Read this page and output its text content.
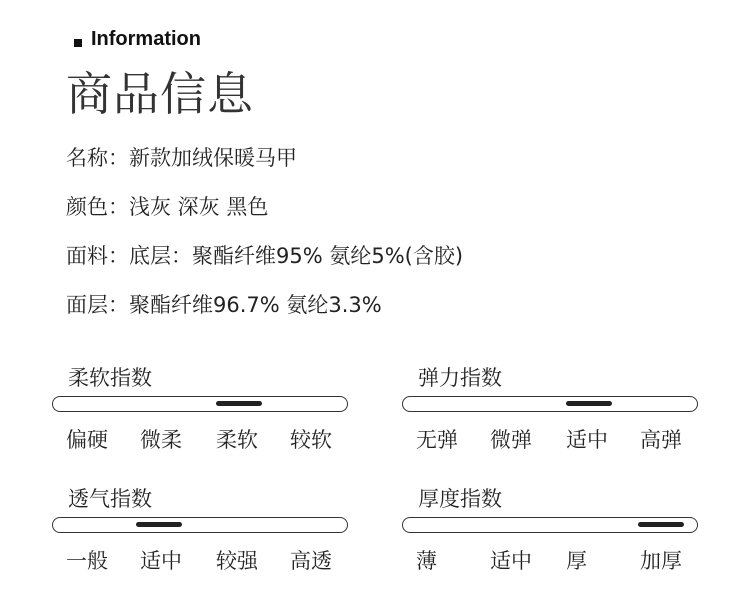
Information
商品信息
名称：新款加绒保暖马甲
颜色：浅灰 深灰 黑色
面料：底层：聚酯纤维95% 氨纶5%(含胶)
面层：聚酯纤维96.7% 氨纶3.3%
柔软指数
偏硬 微柔 柔软 较软
弹力指数
无弹 微弹 适中 高弹
透气指数
一般 适中 较强 高透
厚度指数
薄	适中 厚	加厚
